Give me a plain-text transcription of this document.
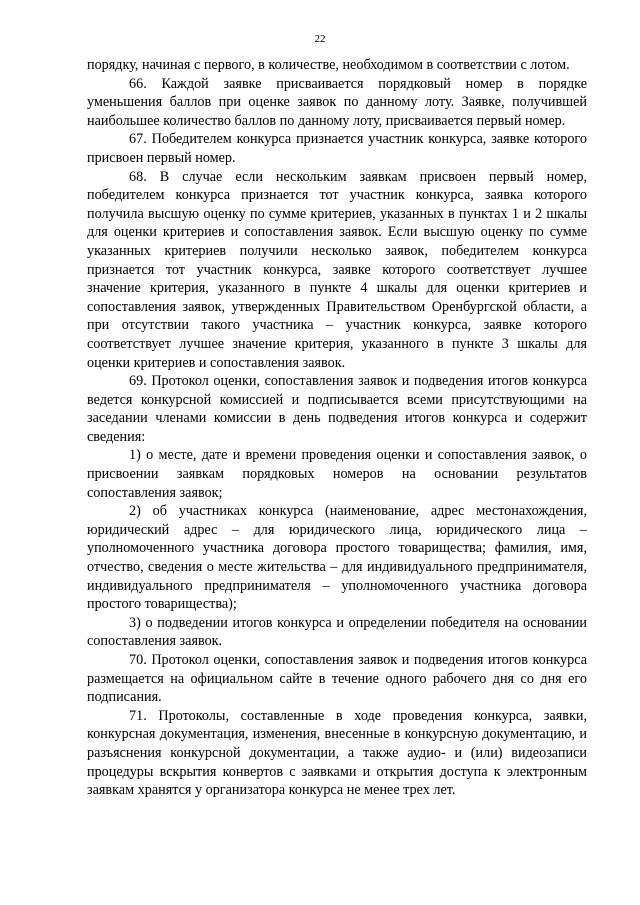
22

порядку, начиная с первого, в количестве, необходимом в соответствии с лотом.

66. Каждой заявке присваивается порядковый номер в порядке уменьшения баллов при оценке заявок по данному лоту. Заявке, получившей наибольшее количество баллов по данному лоту, присваивается первый номер.

67. Победителем конкурса признается участник конкурса, заявке которого присвоен первый номер.

68. В случае если нескольким заявкам присвоен первый номер, победителем конкурса признается тот участник конкурса, заявка которого получила высшую оценку по сумме критериев, указанных в пунктах 1 и 2 шкалы для оценки критериев и сопоставления заявок. Если высшую оценку по сумме указанных критериев получили несколько заявок, победителем конкурса признается тот участник конкурса, заявке которого соответствует лучшее значение критерия, указанного в пункте 4 шкалы для оценки критериев и сопоставления заявок, утвержденных Правительством Оренбургской области, а при отсутствии такого участника – участник конкурса, заявке которого соответствует лучшее значение критерия, указанного в пункте 3 шкалы для оценки критериев и сопоставления заявок.

69. Протокол оценки, сопоставления заявок и подведения итогов конкурса ведется конкурсной комиссией и подписывается всеми присутствующими на заседании членами комиссии в день подведения итогов конкурса и содержит сведения:

1) о месте, дате и времени проведения оценки и сопоставления заявок, о присвоении заявкам порядковых номеров на основании результатов сопоставления заявок;

2) об участниках конкурса (наименование, адрес местонахождения, юридический адрес – для юридического лица, юридического лица – уполномоченного участника договора простого товарищества; фамилия, имя, отчество, сведения о месте жительства – для индивидуального предпринимателя, индивидуального предпринимателя – уполномоченного участника договора простого товарищества);

3) о подведении итогов конкурса и определении победителя на основании сопоставления заявок.

70. Протокол оценки, сопоставления заявок и подведения итогов конкурса размещается на официальном сайте в течение одного рабочего дня со дня его подписания.

71. Протоколы, составленные в ходе проведения конкурса, заявки, конкурсная документация, изменения, внесенные в конкурсную документацию, и разъяснения конкурсной документации, а также аудио- и (или) видеозаписи процедуры вскрытия конвертов с заявками и открытия доступа к электронным заявкам хранятся у организатора конкурса не менее трех лет.
